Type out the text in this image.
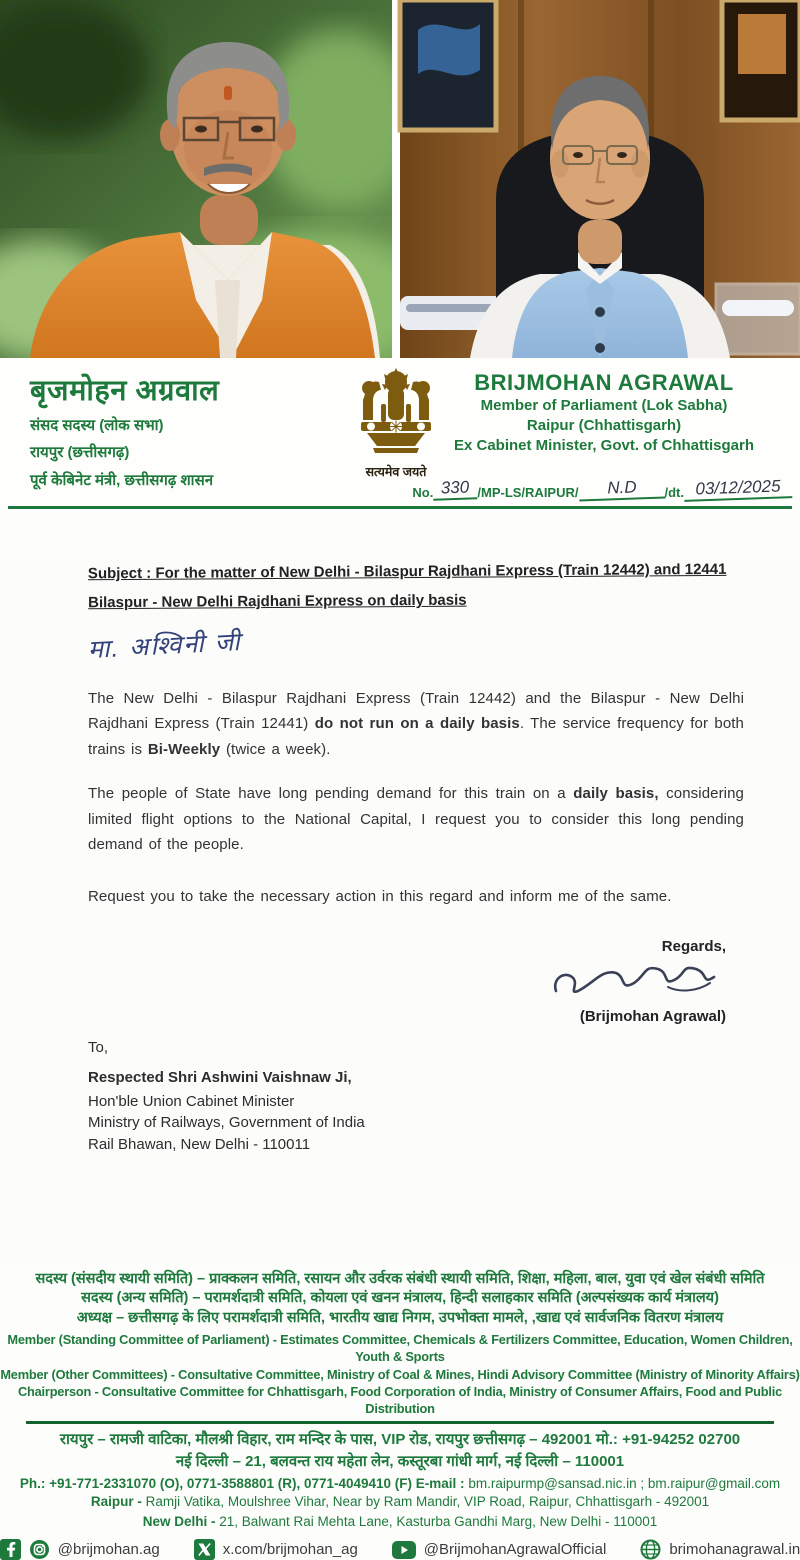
बृजमोहन अग्रवाल
संसद सदस्य (लोक सभा)
रायपुर (छत्तीसगढ़)
पूर्व केबिनेट मंत्री, छत्तीसगढ़ शासन	सत्यमेव जयते
BRIJMOHAN AGRAWAL
Member of Parliament (Lok Sabha)
Raipur (Chhattisgarh)
Ex Cabinet Minister, Govt. of Chhattisgarh
No. 330 /MP-LS/RAIPUR/	N.D	/dt. 03/12/2025
Subject : For the matter of New Delhi - Bilaspur Rajdhani Express (Train 12442) and 12441 Bilaspur - New Delhi Rajdhani Express on daily basis
मा. अश्विनी जी

The New Delhi - Bilaspur Rajdhani Express (Train 12442) and the Bilaspur - New Delhi Rajdhani Express (Train 12441) do not run on a daily basis. The service frequency for both trains is Bi-Weekly (twice a week).

The people of State have long pending demand for this train on a daily basis, considering limited flight options to the National Capital, I request you to consider this long pending demand of the people.

Request you to take the necessary action in this regard and inform me of the same.

Regards,
(Brijmohan Agrawal)
To,
Respected Shri Ashwini Vaishnaw Ji,
Hon'ble Union Cabinet Minister
Ministry of Railways, Government of India
Rail Bhawan, New Delhi - 110011
सदस्य (संसदीय स्थायी समिति) – प्राक्कलन समिति, रसायन और उर्वरक संबंधी स्थायी समिति, शिक्षा, महिला, बाल, युवा एवं खेल संबंधी समिति
सदस्य (अन्य समिति) – परामर्शदात्री समिति, कोयला एवं खनन मंत्रालय, हिन्दी सलाहकार समिति (अल्पसंख्यक कार्य मंत्रालय)
अध्यक्ष – छत्तीसगढ़ के लिए परामर्शदात्री समिति, भारतीय खाद्य निगम, उपभोक्ता मामले, ,खाद्य एवं सार्वजनिक वितरण मंत्रालय
Member (Standing Committee of Parliament) - Estimates Committee, Chemicals & Fertilizers Committee, Education, Women Children, Youth & Sports
Member (Other Committees) - Consultative Committee, Ministry of Coal & Mines, Hindi Advisory Committee (Ministry of Minority Affairs)
Chairperson - Consultative Committee for Chhattisgarh, Food Corporation of India, Ministry of Consumer Affairs, Food and Public Distribution
रायपुर – रामजी वाटिका, मौलश्री विहार, राम मन्दिर के पास, VIP रोड, रायपुर छत्तीसगढ़ – 492001 मो.: +91-94252 02700
नई दिल्ली – 21, बलवन्त राय महेता लेन, कस्तूरबा गांधी मार्ग, नई दिल्ली – 110001
Ph.: +91-771-2331070 (O), 0771-3588801 (R), 0771-4049410 (F) E-mail : bm.raipurmp@sansad.nic.in ; bm.raipur@gmail.com
Raipur - Ramji Vatika, Moulshree Vihar, Near by Ram Mandir, VIP Road, Raipur, Chhattisgarh - 492001
New Delhi - 21, Balwant Rai Mehta Lane, Kasturba Gandhi Marg, New Delhi - 110001
@brijmohan.ag	x.com/brijmohan_ag	@BrijmohanAgrawalOfficial	brimohanagrawal.in
